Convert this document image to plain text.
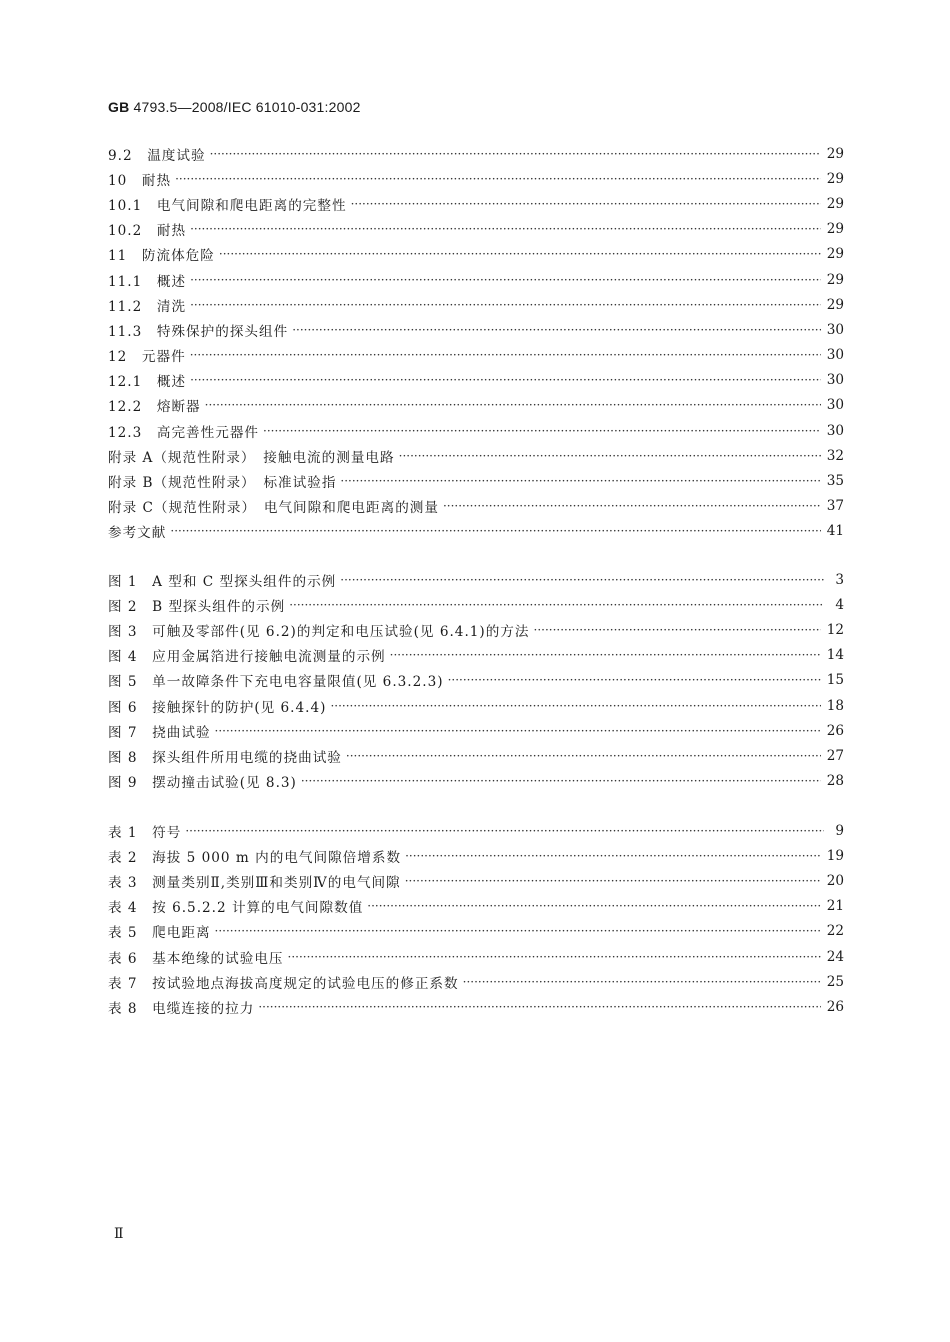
GB 4793.5—2008/IEC 61010-031:2002
9.2　温度试验 ·····	29
10　耐热 ·····	29
10.1　电气间隙和爬电距离的完整性 ·····	29
10.2　耐热 ·····	29
11　防流体危险 ·····	29
11.1　概述 ·····	29
11.2　清洗 ·····	29
11.3　特殊保护的探头组件 ·····	30
12　元器件 ·····	30
12.1　概述 ·····	30
12.2　熔断器 ·····	30
12.3　高完善性元器件 ·····	30
附录 A（规范性附录）　接触电流的测量电路 ·····	32
附录 B（规范性附录）　标准试验指 ·····	35
附录 C（规范性附录）　电气间隙和爬电距离的测量 ·····	37
参考文献 ·····	41
图 1　A 型和 C 型探头组件的示例 ·····	3
图 2　B 型探头组件的示例 ·····	4
图 3　可触及零部件(见 6.2)的判定和电压试验(见 6.4.1)的方法 ·····	12
图 4　应用金属箔进行接触电流测量的示例 ·····	14
图 5　单一故障条件下充电电容量限值(见 6.3.2.3) ·····	15
图 6　接触探针的防护(见 6.4.4) ·····	18
图 7　挠曲试验 ·····	26
图 8　探头组件所用电缆的挠曲试验 ·····	27
图 9　摆动撞击试验(见 8.3) ·····	28
表 1　符号 ·····	9
表 2　海拔 5 000 m 内的电气间隙倍增系数 ·····	19
表 3　测量类别Ⅱ,类别Ⅲ和类别Ⅳ的电气间隙 ·····	20
表 4　按 6.5.2.2 计算的电气间隙数值 ·····	21
表 5　爬电距离 ·····	22
表 6　基本绝缘的试验电压 ·····	24
表 7　按试验地点海拔高度规定的试验电压的修正系数 ·····	25
表 8　电缆连接的拉力 ·····	26
Ⅱ
